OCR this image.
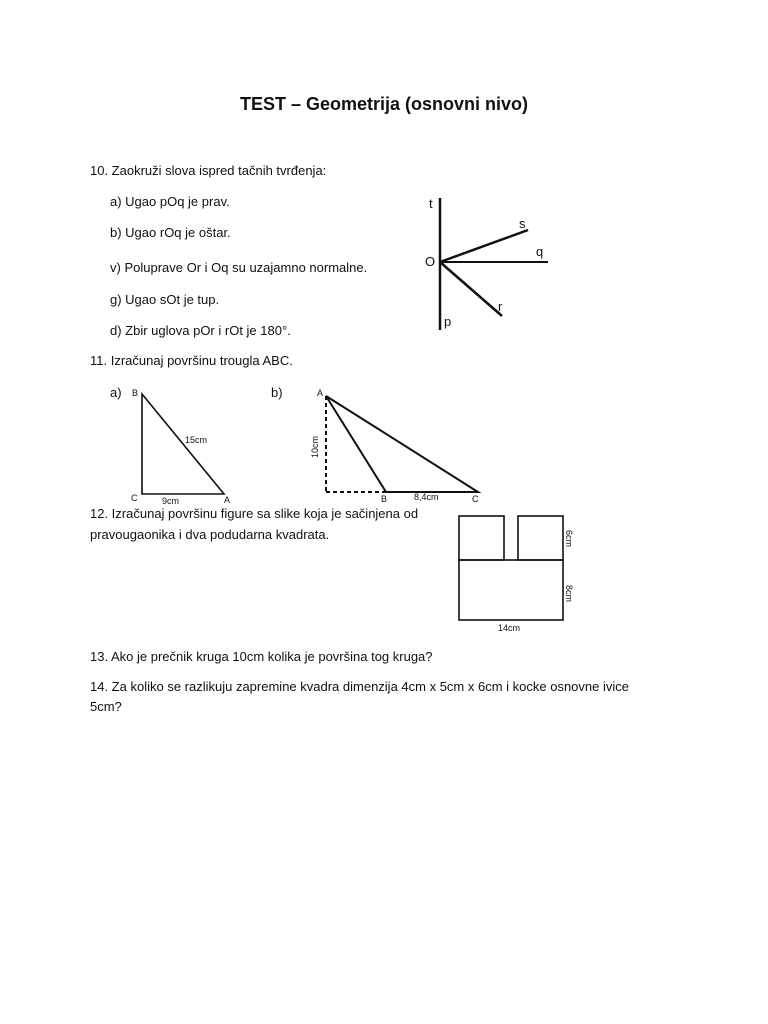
TEST – Geometrija (osnovni nivo)
10. Zaokruži slova ispred tačnih tvrđenja:
a) Ugao pOq je prav.
b) Ugao rOq je oštar.
v) Poluprave Or i Oq su uzajamno normalne.
g) Ugao sOt je tup.
d) Zbir uglova pOr i rOt je 180°.
t
s
O
q
r
p
11. Izračunaj površinu trougla ABC.
a)	b)
B
C	A
15cm
9cm
A
B	C
10cm
8,4cm
12. Izračunaj površinu figure sa slike koja je sačinjena od
pravougaonika i dva podudarna kvadrata.	6cm
8cm
14cm
13. Ako je prečnik kruga 10cm kolika je površina tog kruga?
14. Za koliko se razlikuju zapremine kvadra dimenzija 4cm x 5cm x 6cm i kocke osnovne ivice
5cm?
